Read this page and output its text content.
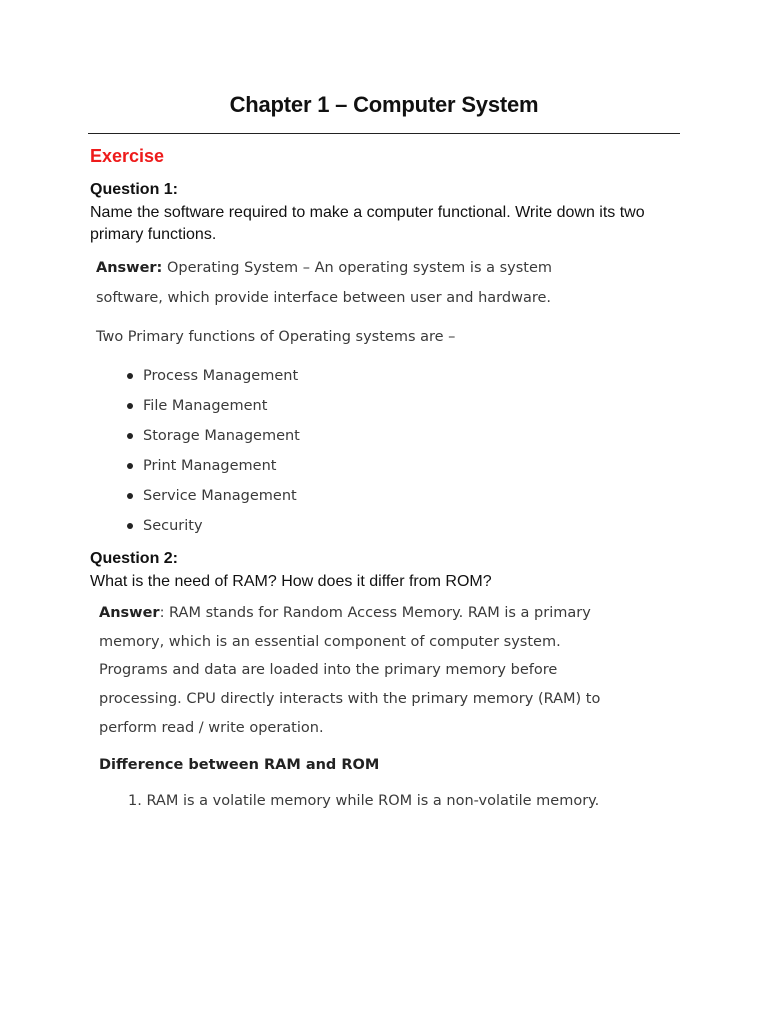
Chapter 1 – Computer System
Exercise
Question 1:
Name the software required to make a computer functional. Write down its two primary functions.
Answer: Operating System – An operating system is a system
software, which provide interface between user and hardware.
Two Primary functions of Operating systems are –
Process Management
File Management
Storage Management
Print Management
Service Management
Security
Question 2:
What is the need of RAM? How does it differ from ROM?
Answer: RAM stands for Random Access Memory. RAM is a primary
memory, which is an essential component of computer system.
Programs and data are loaded into the primary memory before
processing. CPU directly interacts with the primary memory (RAM) to
perform read / write operation.
Difference between RAM and ROM
1. RAM is a volatile memory while ROM is a non-volatile memory.
